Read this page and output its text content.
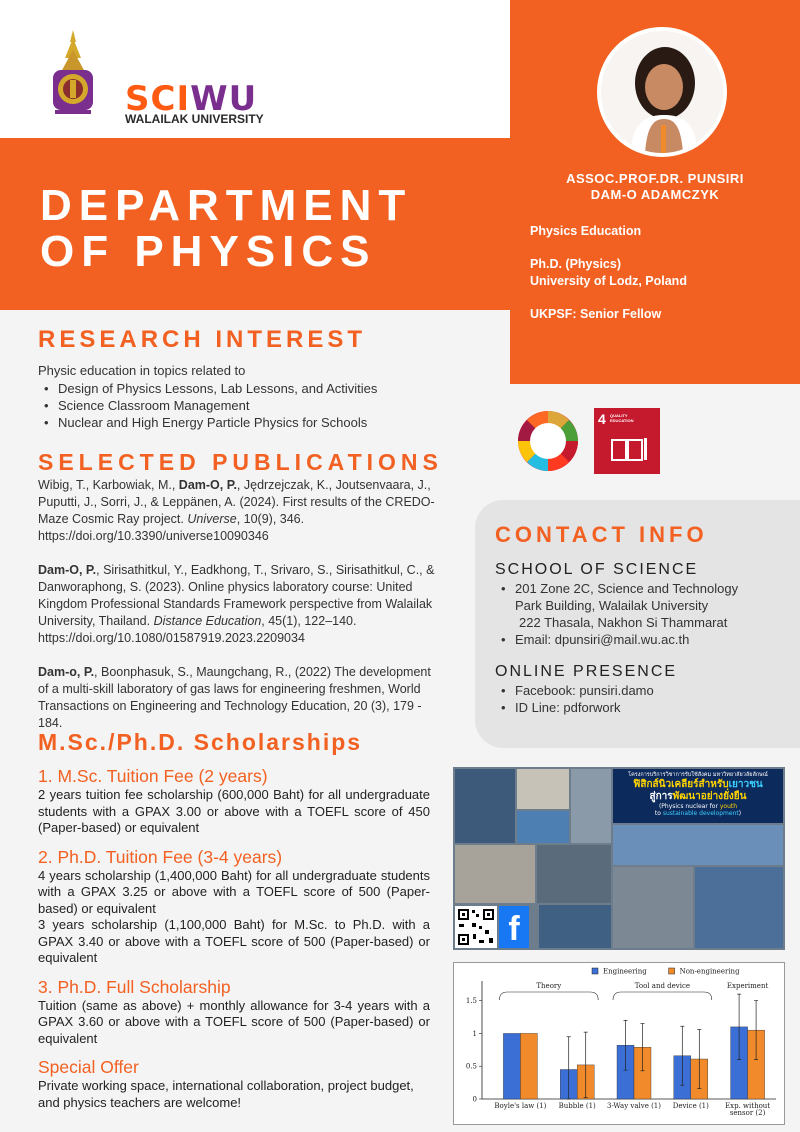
SCIWU
WALAILAK UNIVERSITY
DEPARTMENT
OF PHYSICS
ASSOC.PROF.DR. PUNSIRI
DAM-O ADAMCZYK
Physics Education
Ph.D. (Physics)
University of Lodz, Poland
UKPSF: Senior Fellow
4 QUALITY
EDUCATION
RESEARCH INTEREST
Physic education in topics related to
• Design of Physics Lessons, Lab Lessons, and Activities
• Science Classroom Management
• Nuclear and High Energy Particle Physics for Schools
SELECTED PUBLICATIONS

Wibig, T., Karbowiak, M., Dam-O, P., Jędrzejczak, K., Joutsenvaara, J., Puputti, J., Sorri, J., & Leppänen, A. (2024). First results of the CREDO-Maze Cosmic Ray project. Universe, 10(9), 346. https://doi.org/10.3390/universe10090346

Dam-O, P., Sirisathitkul, Y., Eadkhong, T., Srivaro, S., Sirisathitkul, C., & Danworaphong, S. (2023). Online physics laboratory course: United Kingdom Professional Standards Framework perspective from Walailak University, Thailand. Distance Education, 45(1), 122–140. https://doi.org/10.1080/01587919.2023.2209034

Dam-o, P., Boonphasuk, S., Maungchang, R., (2022) The development of a multi-skill laboratory of gas laws for engineering freshmen, World Transactions on Engineering and Technology Education, 20 (3), 179 - 184.

CONTACT INFO
SCHOOL OF SCIENCE
• 201 Zone 2C, Science and Technology
Park Building, Walailak University
222 Thasala, Nakhon Si Thammarat
• Email: dpunsiri@mail.wu.ac.th
ONLINE PRESENCE
• Facebook: punsiri.damo
• ID Line: pdforwork
M.Sc./Ph.D. Scholarships
1. M.Sc. Tuition Fee (2 years)

2 years tuition fee scholarship (600,000 Baht) for all undergraduate students with a GPAX 3.00 or above with a TOEFL score of 450 (Paper-based) or equivalent

2. Ph.D. Tuition Fee (3-4 years)

4 years scholarship (1,400,000 Baht) for all undergraduate students with a GPAX 3.25 or above with a TOEFL score of 500 (Paper-based) or equivalent

3 years scholarship (1,100,000 Baht) for M.Sc. to Ph.D. with a GPAX 3.40 or above with a TOEFL score of 500 (Paper-based) or equivalent

3. Ph.D. Full Scholarship

Tuition (same as above) + monthly allowance for 3-4 years with a GPAX 3.60 or above with a TOEFL score of 500 (Paper-based) or equivalent

Special Offer

Private working space, international collaboration, project budget, and physics teachers are welcome!

โครงการบริการวิชาการรับใช้สังคม มหาวิทยาลัยวลัยลักษณ์
ฟิสิกส์นิวเคลียร์สำหรับเยาวชน
สู่การพัฒนาอย่างยั่งยืน
(Physics nuclear for youth
to sustainable development)
f
0
0.5
1
1.5
Engineering	Non-engineering
Boyle's law (1) Bubble (1) 3-Way valve (1) Device (1) Exp. without
sensor (2)
Theory	Tool and device	Experiment
